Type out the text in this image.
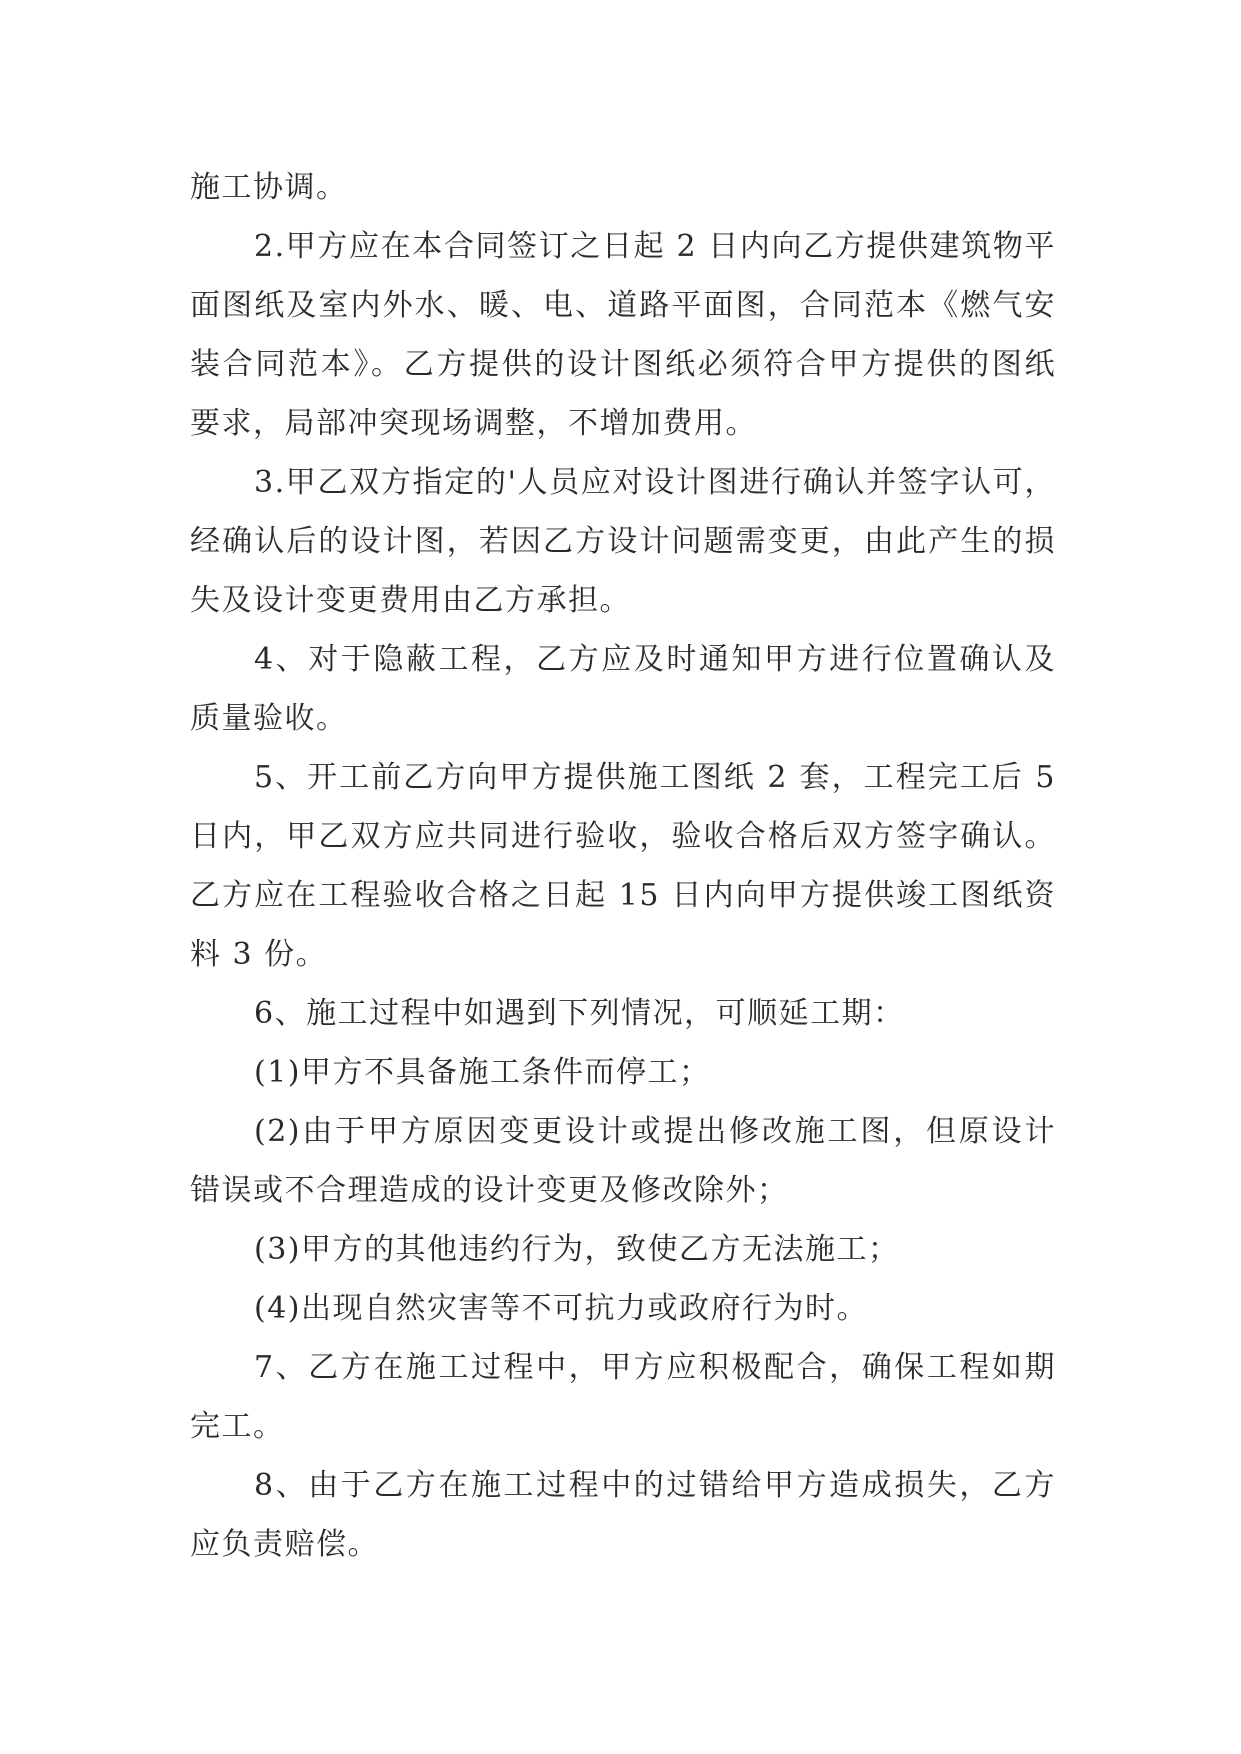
施工协调。

2.甲方应在本合同签订之日起 2 日内向乙方提供建筑物平面图纸及室内外水、暖、电、道路平面图，合同范本《燃气安装合同范本》。乙方提供的设计图纸必须符合甲方提供的图纸要求，局部冲突现场调整，不增加费用。

3.甲乙双方指定的'人员应对设计图进行确认并签字认可，经确认后的设计图，若因乙方设计问题需变更，由此产生的损失及设计变更费用由乙方承担。

4、对于隐蔽工程，乙方应及时通知甲方进行位置确认及质量验收。

5、开工前乙方向甲方提供施工图纸 2 套，工程完工后 5 日内，甲乙双方应共同进行验收，验收合格后双方签字确认。乙方应在工程验收合格之日起 15 日内向甲方提供竣工图纸资料 3 份。

6、施工过程中如遇到下列情况，可顺延工期：

(1)甲方不具备施工条件而停工；

(2)由于甲方原因变更设计或提出修改施工图，但原设计错误或不合理造成的设计变更及修改除外；

(3)甲方的其他违约行为，致使乙方无法施工；

(4)出现自然灾害等不可抗力或政府行为时。

7、乙方在施工过程中，甲方应积极配合，确保工程如期完工。

8、由于乙方在施工过程中的过错给甲方造成损失，乙方应负责赔偿。
